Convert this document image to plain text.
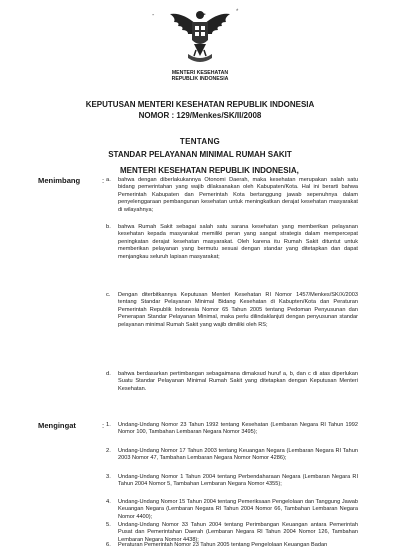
-	*
MENTERI KESEHATAN
REPUBLIK INDONESIA
KEPUTUSAN MENTERI KESEHATAN REPUBLIK INDONESIA
NOMOR : 129/Menkes/SK/II/2008
TENTANG
STANDAR PELAYANAN MINIMAL RUMAH SAKIT
MENTERI KESEHATAN REPUBLIK INDONESIA,
Menimbang	: a. bahwa dengan diberlakukannya Otonomi Daerah, maka kesehatan merupakan salah satu bidang pemerintahan yang wajib dilaksanakan oleh Kabupaten/Kota. Hal ini berarti bahwa Pemerintah Kabupaten dan Pemerintah Kota bertanggung jawab sepenuhnya dalam penyelenggaraan pembangunan kesehatan untuk meningkatkan derajat kesehatan masyarakat di wilayahnya;
b. bahwa Rumah Sakit sebagai salah satu sarana kesehatan yang memberikan pelayanan kesehatan kepada masyarakat memiliki peran yang sangat strategis dalam mempercepat peningkatan derajat kesehatan masyarakat. Oleh karena itu Rumah Sakit dituntut untuk memberikan pelayanan yang bermutu sesuai dengan standar yang ditetapkan dan dapat menjangkau seluruh lapisan masyarakat;
c. Dengan diterbitkannya Keputusan Menteri Kesehatan RI Nomor 1457/Menkes/SK/X/2003 tentang Standar Pelayanan Minimal Bidang Kesehatan di Kabupten/Kota dan Peraturan Pemerintah Republik Indonesia Nomor 65 Tahun 2005 tentang Pedoman Penyusunan dan Penerapan Standar Pelayanan Minimal, maka perlu dilindaklanjuti dengan penyusunan standar pelayanan minimal Rumah Sakit yang wajib dimiliki oleh RS;
d. bahwa berdasarkan pertimbangan sebagaimana dimaksud huruf a, b, dan c di atas diperlukan Suatu Standar Pelayanan Minimal Rumah Sakit yang ditetapkan dengan Keputusan Menteri Kesehatan.
Mengingat	: 1. Undang-Undang Nomor 23 Tahun 1992 tentang Kesehatan (Lembaran Negara RI Tahun 1992 Nomor 100, Tambahan Lembaran Negara Nomor 3495);
2. Undang-Undang Nomor 17 Tahun 2003 tentang Keuangan Negara (Lembaran Negara RI Tahun 2003 Nomor 47, Tambahan Lembaran Negara Nomor Nomor 4286);
3. Undang-Undang Nomor 1 Tahun 2004 tentang Perbendaharaan Negara (Lembaran Negara RI Tahun 2004 Nomor 5, Tambahan Lembaran Negara Nomor 4355);
4. Undang-Undang Nomor 15 Tahun 2004 tentang Pemeriksaan Pengelolaan dan Tanggung Jawab Keuangan Negara (Lembaran Negara RI Tahun 2004 Nomor 66, Tambahan Lembaran Negara Nomor 4400);
5. Undang-Undang Nomor 33 Tahun 2004 tentang Perimbangan Keuangan antara Pemerintah Pusat dan Pemerintahan Daerah (Lembaran Negara RI Tahun 2004 Nomor 126, Tambahan Lembaran Negara Nomor 4438);
6. Peraturan Pemerintah Nomor 23 Tahun 2005 tentang Pengelolaan Keuangan Badan
